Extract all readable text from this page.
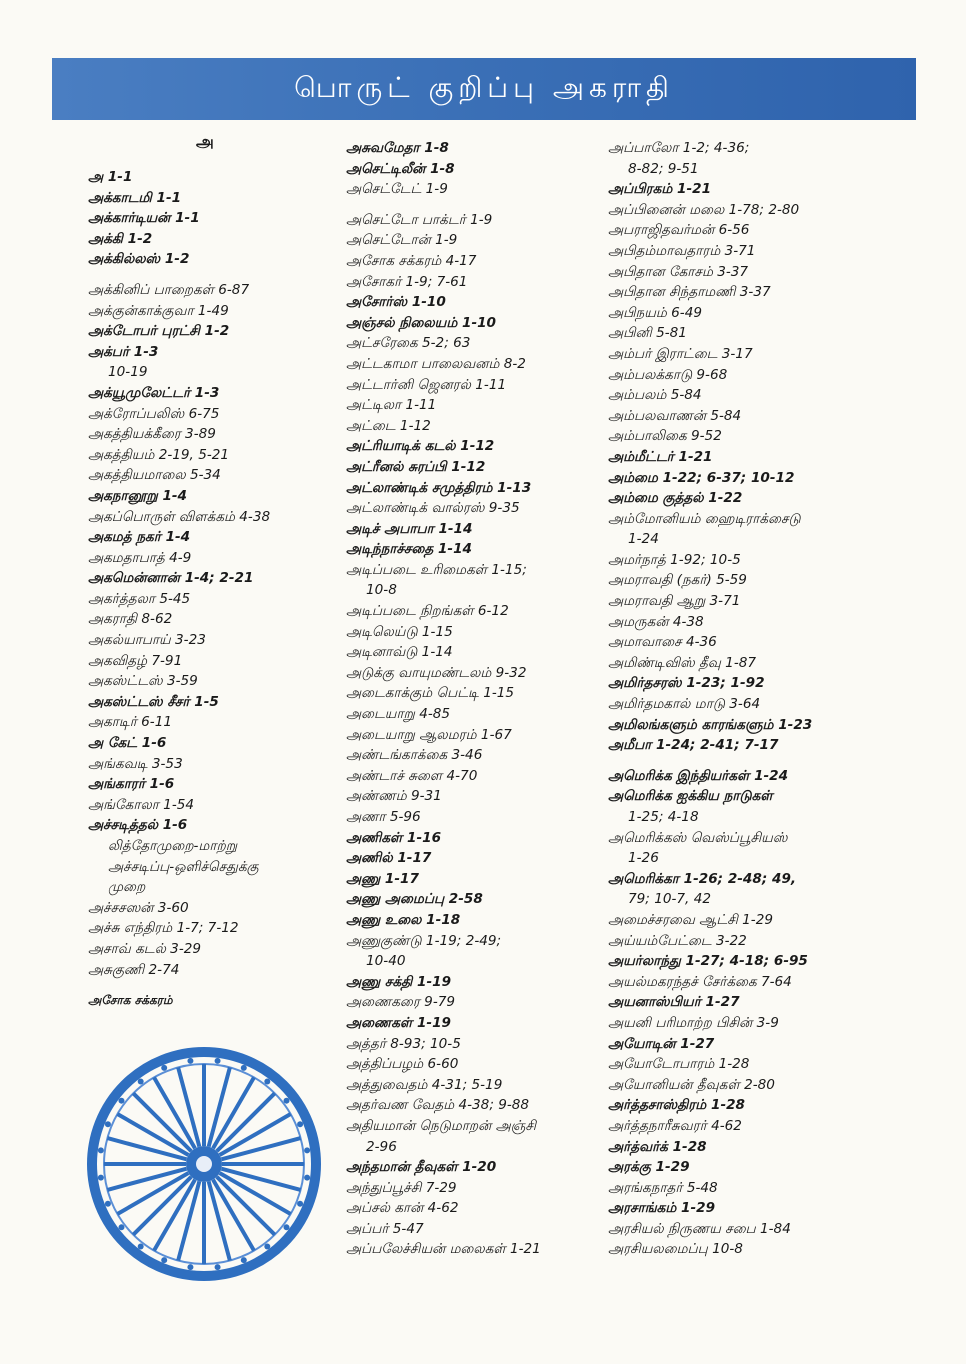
பொருட் குறிப்பு அகராதி
அ
அ 1-1
அக்காடமி 1-1
அக்கார்டியன் 1-1
அக்கி 1-2
அக்கில்லஸ் 1-2
அக்கினிப் பாறைகள் 6-87
அக்குன்காக்குவா 1-49
அக்டோபர் புரட்சி 1-2
அக்பர் 1-3
10-19
அக்யூமுலேட்டர் 1-3
அக்ரோப்பலிஸ் 6-75
அகத்தியக்கீரை 3-89
அகத்தியம் 2-19, 5-21
அகத்தியமாலை 5-34
அகநானூறு 1-4
அகப்பொருள் விளக்கம் 4-38
அகமத் நகர் 1-4
அகமதாபாத் 4-9
அகமென்னான் 1-4; 2-21
அகர்த்தலா 5-45
அகராதி 8-62
அகல்யாபாய் 3-23
அகவிதழ் 7-91
அகஸ்ட்டஸ் 3-59
அகஸ்ட்டஸ் சீசர் 1-5
அகாடிர் 6-11
அ கேட் 1-6
அங்கவடி 3-53
அங்காரர் 1-6
அங்கோலா 1-54
அச்சடித்தல் 1-6
லித்தோமுறை-மாற்று
அச்சடிப்பு-ஒளிச்செதுக்கு
முறை
அச்சசஸன் 3-60
அச்சு எந்திரம் 1-7; 7-12
அசாவ் கடல் 3-29
அசுகுணி 2-74
அசோக சக்கரம்
அசுவமேதா 1-8
அசெட்டிலீன் 1-8
அசெட்டேட் 1-9
அசெட்டோ பாக்டர் 1-9
அசெட்டோன் 1-9
அசோக சக்கரம் 4-17
அசோகர் 1-9; 7-61
அசோர்ஸ் 1-10
அஞ்சல் நிலையம் 1-10
அட்சரேகை 5-2; 63
அட்டகாமா பாலைவனம் 8-2
அட்டார்னி ஜெனரல் 1-11
அட்டிலா 1-11
அட்டை 1-12
அட்ரியாடிக் கடல் 1-12
அட்ரீனல் சுரப்பி 1-12
அட்லாண்டிக் சமுத்திரம் 1-13
அட்லாண்டிக் வால்ரஸ் 9-35
அடிச் அபாபா 1-14
அடிந்நாச்சதை 1-14
அடிப்படை உரிமைகள் 1-15;
10-8
அடிப்படை நிறங்கள் 6-12
அடிலெய்டு 1-15
அடினாவ்டு 1-14
அடுக்கு வாயுமண்டலம் 9-32
அடைகாக்கும் பெட்டி 1-15
அடையாறு 4-85
அடையாறு ஆலமரம் 1-67
அண்டங்காக்கை 3-46
அண்டாச் சுளை 4-70
அண்ணம் 9-31
அணா 5-96
அணிகள் 1-16
அணில் 1-17
அணு 1-17
அணு அமைப்பு 2-58
அணு உலை 1-18
அணுகுண்டு 1-19; 2-49;
10-40
அணு சக்தி 1-19
அணைகரை 9-79
அணைகள் 1-19
அத்தர் 8-93; 10-5
அத்திப்பழம் 6-60
அத்துவைதம் 4-31; 5-19
அதர்வண வேதம் 4-38; 9-88
அதியமான் நெடுமாறன் அஞ்சி
2-96
அந்தமான் தீவுகள் 1-20
அந்துப்பூச்சி 7-29
அப்சல் கான் 4-62
அப்பர் 5-47
அப்பலேச்சியன் மலைகள் 1-21
அப்பாலோ 1-2; 4-36;
8-82; 9-51
அப்பிரகம் 1-21
அப்பினைன் மலை 1-78; 2-80
அபராஜிதவர்மன் 6-56
அபிதம்மாவதாரம் 3-71
அபிதான கோசம் 3-37
அபிதான சிந்தாமணி 3-37
அபிநயம் 6-49
அபினி 5-81
அம்பர் இராட்டை 3-17
அம்பலக்காடு 9-68
அம்பலம் 5-84
அம்பலவாணன் 5-84
அம்பாலிகை 9-52
அம்மீட்டர் 1-21
அம்மை 1-22; 6-37; 10-12
அம்மை குத்தல் 1-22
அம்மோனியம் ஹைடிராக்சைடு
1-24
அமர்நாத் 1-92; 10-5
அமராவதி (நகர்) 5-59
அமராவதி ஆறு 3-71
அமருகன் 4-38
அமாவாசை 4-36
அமிண்டிவிஸ் தீவு 1-87
அமிர்தசரஸ் 1-23; 1-92
அமிர்தமகால் மாடு 3-64
அமிலங்களும் காரங்களும் 1-23
அமீபா 1-24; 2-41; 7-17
அமெரிக்க இந்தியர்கள் 1-24
அமெரிக்க ஐக்கிய நாடுகள்
1-25; 4-18
அமெரிக்கஸ் வெஸ்ப்பூசியஸ்
1-26
அமெரிக்கா 1-26; 2-48; 49,
79; 10-7, 42
அமைச்சரவை ஆட்சி 1-29
அய்யம்பேட்டை 3-22
அயர்லாந்து 1-27; 4-18; 6-95
அயல்மகரந்தச் சேர்க்கை 7-64
அயனாஸ்பியர் 1-27
அயனி பரிமாற்ற பிசின் 3-9
அயோடின் 1-27
அயோடோபாரம் 1-28
அயோனியன் தீவுகள் 2-80
அர்த்தசாஸ்திரம் 1-28
அர்த்தநாரீசுவரர் 4-62
அர்த்வர்க் 1-28
அரக்கு 1-29
அரங்கநாதர் 5-48
அரசாங்கம் 1-29
அரசியல் நிருணய சபை 1-84
அரசியலமைப்பு 10-8
